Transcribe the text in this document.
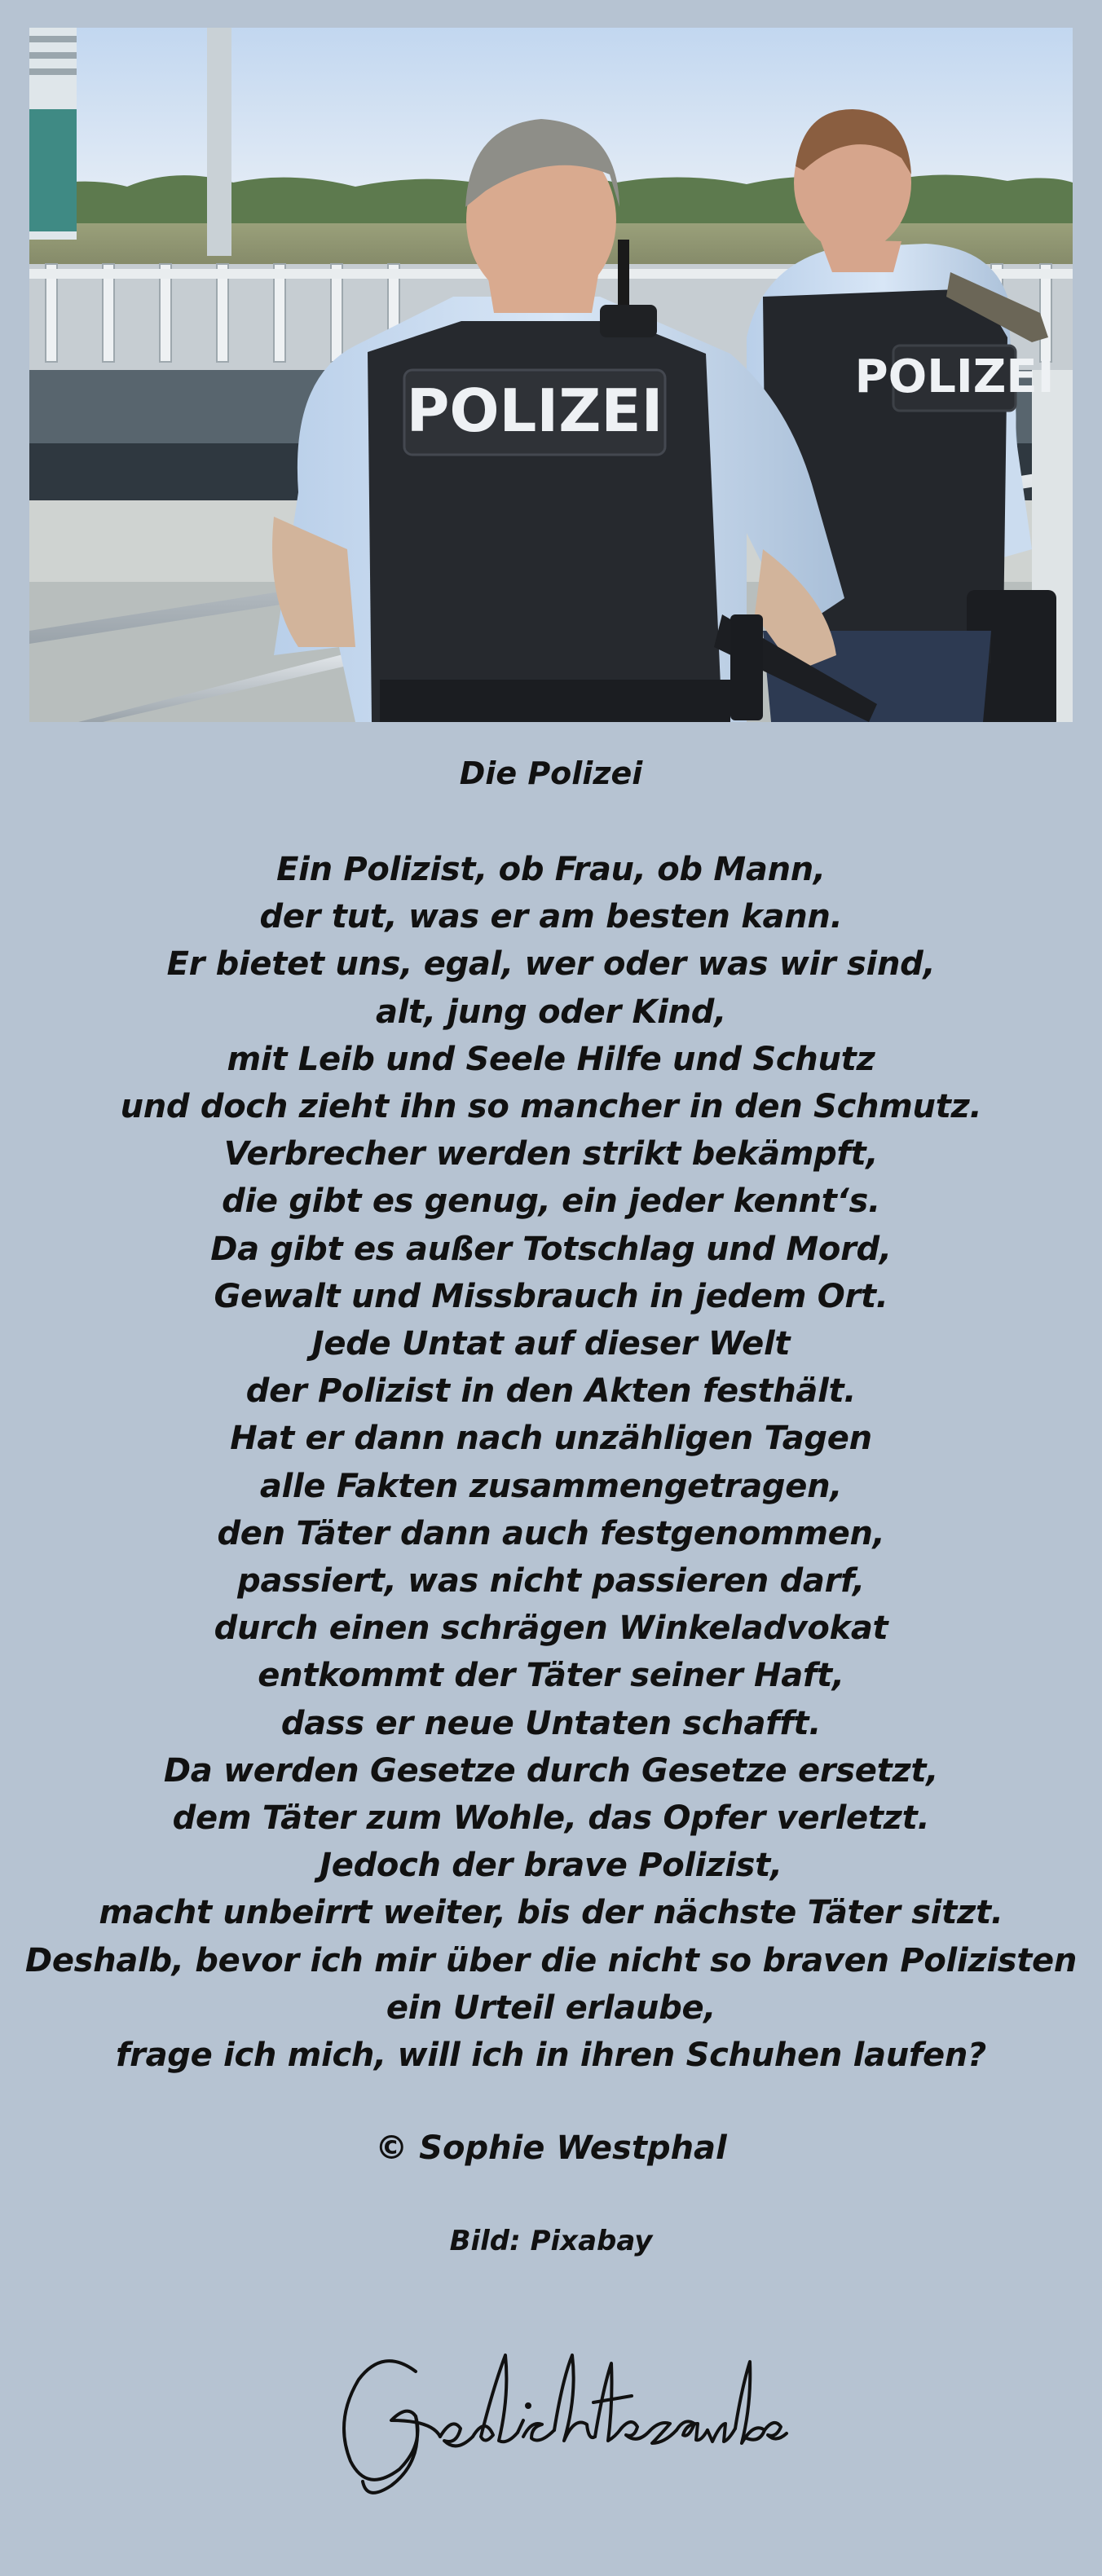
POLIZEI
POLIZEI
Die Polizei
Ein Polizist, ob Frau, ob Mann,
der tut, was er am besten kann.
Er bietet uns, egal, wer oder was wir sind,
alt, jung oder Kind,
mit Leib und Seele Hilfe und Schutz
und doch zieht ihn so mancher in den Schmutz.
Verbrecher werden strikt bekämpft,
die gibt es genug, ein jeder kennt‘s.
Da gibt es außer Totschlag und Mord,
Gewalt und Missbrauch in jedem Ort.
Jede Untat auf dieser Welt
der Polizist in den Akten festhält.
Hat er dann nach unzähligen Tagen
alle Fakten zusammengetragen,
den Täter dann auch festgenommen,
passiert, was nicht passieren darf,
durch einen schrägen Winkeladvokat
entkommt der Täter seiner Haft,
dass er neue Untaten schafft.
Da werden Gesetze durch Gesetze ersetzt,
dem Täter zum Wohle, das Opfer verletzt.
Jedoch der brave Polizist,
macht unbeirrt weiter, bis der nächste Täter sitzt.
Deshalb, bevor ich mir über die nicht so braven Polizisten
ein Urteil erlaube,
frage ich mich, will ich in ihren Schuhen laufen?
© Sophie Westphal
Bild: Pixabay
